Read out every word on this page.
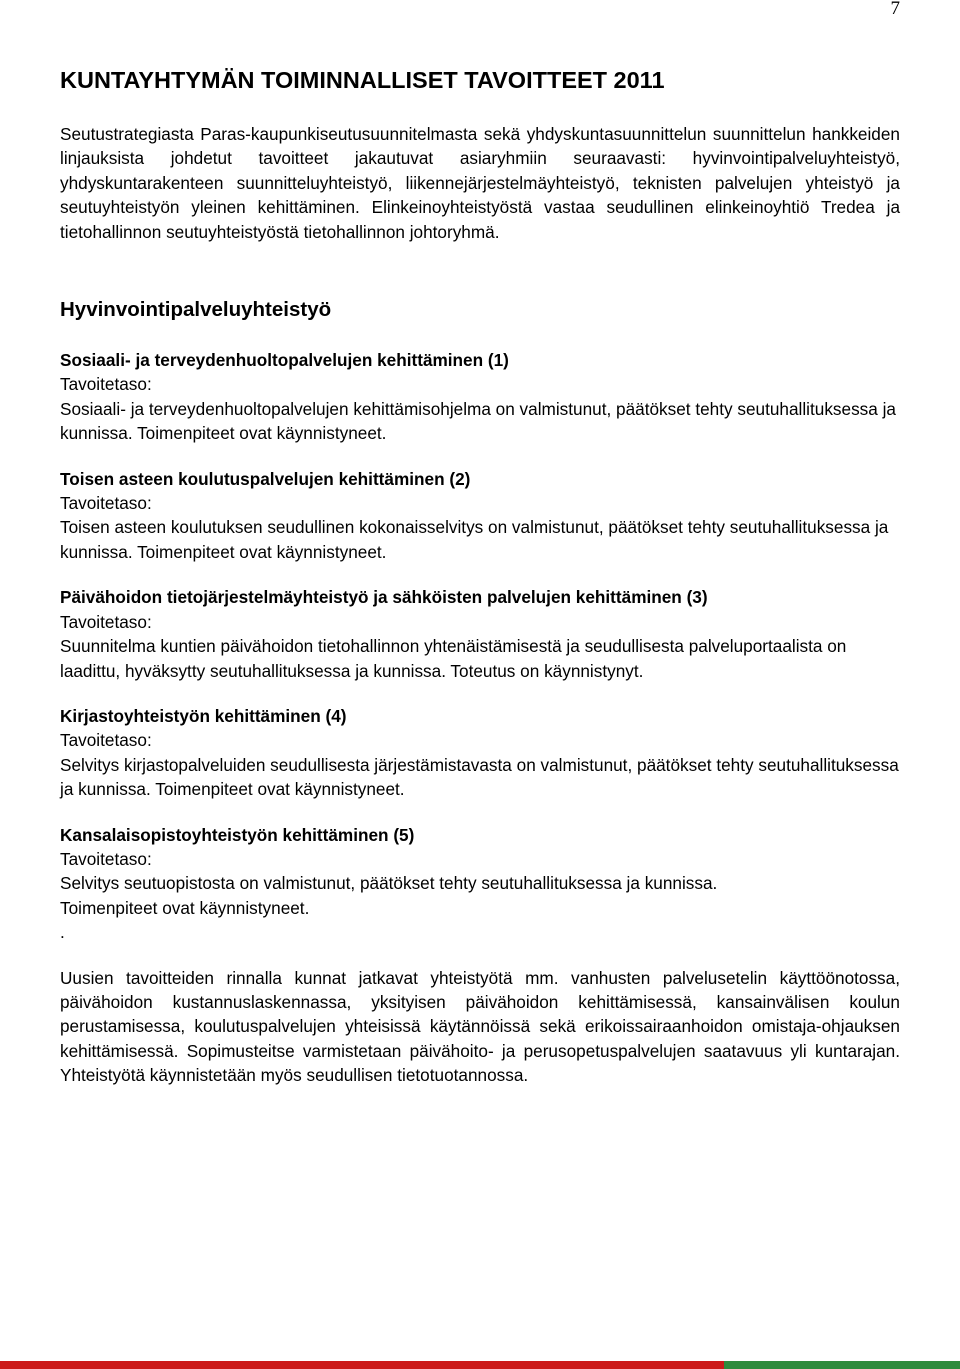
7
KUNTAYHTYMÄN TOIMINNALLISET TAVOITTEET 2011

Seutustrategiasta Paras-kaupunkiseutusuunnitelmasta sekä yhdyskuntasuunnittelun suunnittelun hankkeiden linjauksista johdetut tavoitteet jakautuvat asiaryhmiin seuraavasti: hyvinvointipalveluyhteistyö, yhdyskuntarakenteen suunnitteluyhteistyö, liikennejärjestelmäyhteistyö, teknisten palvelujen yhteistyö ja seutuyhteistyön yleinen kehittäminen. Elinkeinoyhteistyöstä vastaa seudullinen elinkeinoyhtiö Tredea ja tietohallinnon seutuyhteistyöstä tietohallinnon johtoryhmä.

Hyvinvointipalveluyhteistyö

Sosiaali- ja terveydenhuoltopalvelujen kehittäminen (1)

Tavoitetaso:

Sosiaali- ja terveydenhuoltopalvelujen kehittämisohjelma on valmistunut, päätökset tehty seutuhallituksessa ja kunnissa. Toimenpiteet ovat käynnistyneet.

Toisen asteen koulutuspalvelujen kehittäminen (2)

Tavoitetaso:

Toisen asteen koulutuksen seudullinen kokonaisselvitys on valmistunut, päätökset tehty seutuhallituksessa ja kunnissa. Toimenpiteet ovat käynnistyneet.

Päivähoidon tietojärjestelmäyhteistyö ja sähköisten palvelujen kehittäminen (3)

Tavoitetaso:

Suunnitelma kuntien päivähoidon tietohallinnon yhtenäistämisestä ja seudullisesta palveluportaalista on laadittu, hyväksytty seutuhallituksessa ja kunnissa. Toteutus on käynnistynyt.

Kirjastoyhteistyön kehittäminen (4)

Tavoitetaso:

Selvitys kirjastopalveluiden seudullisesta järjestämistavasta on valmistunut, päätökset tehty seutuhallituksessa ja kunnissa. Toimenpiteet ovat käynnistyneet.

Kansalaisopistoyhteistyön kehittäminen (5)

Tavoitetaso:

Selvitys seutuopistosta on valmistunut, päätökset tehty seutuhallituksessa ja kunnissa.

Toimenpiteet ovat käynnistyneet.

.

Uusien tavoitteiden rinnalla kunnat jatkavat yhteistyötä mm. vanhusten palvelusetelin käyttöönotossa, päivähoidon kustannuslaskennassa, yksityisen päivähoidon kehittämisessä, kansainvälisen koulun perustamisessa, koulutuspalvelujen yhteisissä käytännöissä sekä erikoissairaanhoidon omistaja-ohjauksen kehittämisessä. Sopimusteitse varmistetaan päivähoito- ja perusopetuspalvelujen saatavuus yli kuntarajan. Yhteistyötä käynnistetään myös seudullisen tietotuotannossa.
